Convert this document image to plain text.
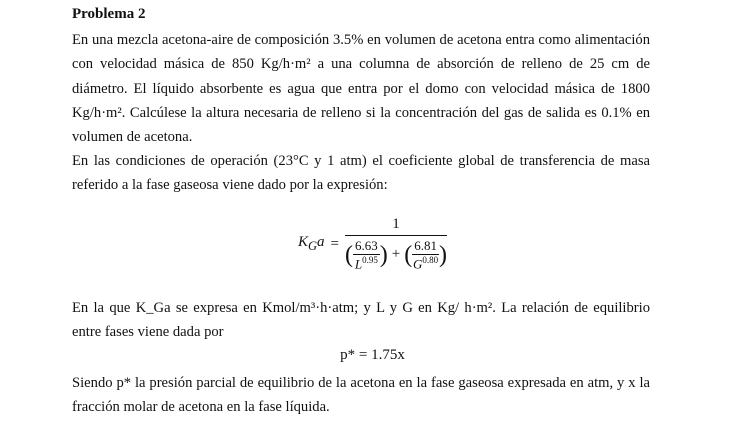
Problema 2
En una mezcla acetona-aire de composición 3.5% en volumen de acetona entra como alimentación con velocidad másica de 850 Kg/h·m² a una columna de absorción de relleno de 25 cm de diámetro. El líquido absorbente es agua que entra por el domo con velocidad másica de 1800 Kg/h·m². Calcúlese la altura necesaria de relleno si la concentración del gas de salida es 0.1% en volumen de acetona.
En las condiciones de operación (23°C y 1 atm) el coeficiente global de transferencia de masa referido a la fase gaseosa viene dado por la expresión:
$K_Ga$ =
1
( $\frac{6.63}{L^{0.95}}$ ) + ( $\frac{6.81}{G^{0.80}}$ )
En la que K_Ga se expresa en Kmol/m³·h·atm; y L y G en Kg/ h·m². La relación de equilibrio entre fases viene dada por
p* = 1.75x
Siendo p* la presión parcial de equilibrio de la acetona en la fase gaseosa expresada en atm, y x la fracción molar de acetona en la fase líquida.
